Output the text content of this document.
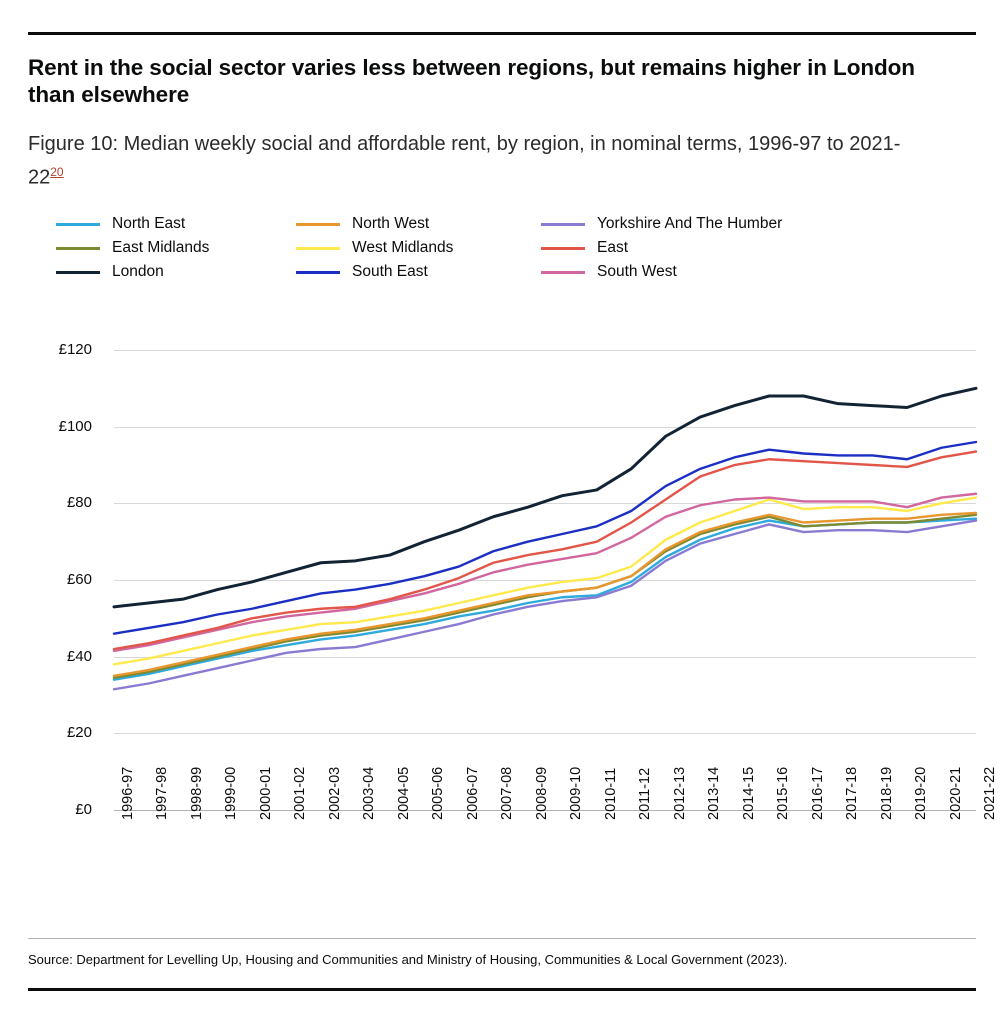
Rent in the social sector varies less between regions, but remains higher in London than elsewhere
Figure 10: Median weekly social and affordable rent, by region, in nominal terms, 1996-97 to 2021-22$^{20}$
North East	North West	Yorkshire And The Humber
East Midlands	West Midlands	East
London	South East	South West
£0
£20
£40
£60
£80
£100
£120
1996-97 1997-98 1998-99 1999-00 2000-01 2001-02 2002-03 2003-04 2004-05 2005-06 2006-07 2007-08 2008-09 2009-10 2010-11 2011-12 2012-13 2013-14 2014-15 2015-16 2016-17 2017-18 2018-19 2019-20 2020-21 2021-22
Source: Department for Levelling Up, Housing and Communities and Ministry of Housing, Communities & Local Government (2023).
